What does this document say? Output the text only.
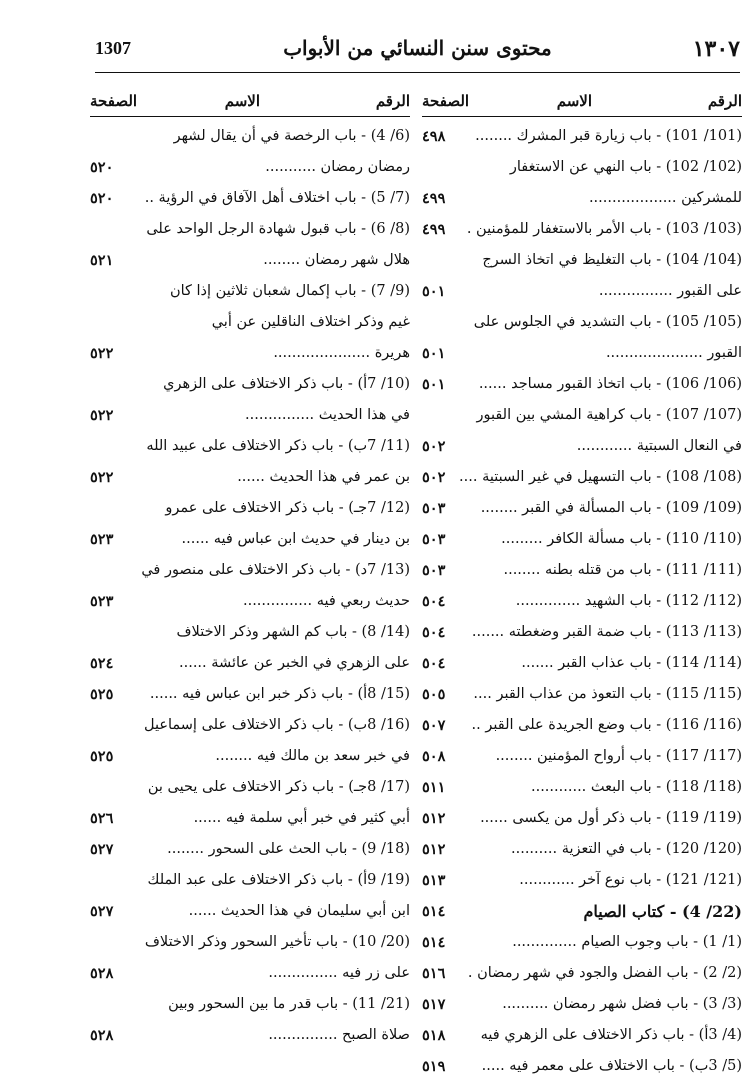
١٣٠٧
محتوى سنن النسائي من الأبواب
1307
الرقم
الاسم
الصفحة
(101/ 101) - باب زيارة قبر المشرك ........
٤٩٨
(102/ 102) - باب النهي عن الاستغفار
للمشركين ...................
٤٩٩
(103/ 103) - باب الأمر بالاستغفار للمؤمنين .
٤٩٩
(104/ 104) - باب التغليظ في اتخاذ السرج
على القبور ................
٥٠١
(105/ 105) - باب التشديد في الجلوس على
القبور .....................
٥٠١
(106/ 106) - باب اتخاذ القبور مساجد ......
٥٠١
(107/ 107) - باب كراهية المشي بين القبور
في النعال السبتية ............
٥٠٢
(108/ 108) - باب التسهيل في غير السبتية ....
٥٠٢
(109/ 109) - باب المسألة في القبر ........
٥٠٣
(110/ 110) - باب مسألة الكافر .........
٥٠٣
(111/ 111) - باب من قتله بطنه ........
٥٠٣
(112/ 112) - باب الشهيد ..............
٥٠٤
(113/ 113) - باب ضمة القبر وضغطته .......
٥٠٤
(114/ 114) - باب عذاب القبر .......
٥٠٤
(115/ 115) - باب التعوذ من عذاب القبر ....
٥٠٥
(116/ 116) - باب وضع الجريدة على القبر ..
٥٠٧
(117/ 117) - باب أرواح المؤمنين ........
٥٠٨
(118/ 118) - باب البعث ............
٥١١
(119/ 119) - باب ذكر أول من يكسى ......
٥١٢
(120/ 120) - باب في التعزية ..........
٥١٢
(121/ 121) - باب نوع آخر ............
٥١٣
(22/ 4) - كتاب الصيام
٥١٤
(1/ 1) - باب وجوب الصيام ..............
٥١٤
(2/ 2) - باب الفضل والجود في شهر رمضان .
٥١٦
(3/ 3) - باب فضل شهر رمضان ..........
٥١٧
(4/ 3أ) - باب ذكر الاختلاف على الزهري فيه
٥١٨
(5/ 3ب) - باب الاختلاف على معمر فيه .....
٥١٩
الرقم
الاسم
الصفحة
(6/ 4) - باب الرخصة في أن يقال لشهر
رمضان رمضان ...........
٥٢٠
(7/ 5) - باب اختلاف أهل الآفاق في الرؤية ..
٥٢٠
(8/ 6) - باب قبول شهادة الرجل الواحد على
هلال شهر رمضان ........
٥٢١
(9/ 7) - باب إكمال شعبان ثلاثين إذا كان
غيم وذكر اختلاف الناقلين عن أبي
هريرة .....................
٥٢٢
(10/ 7أ) - باب ذكر الاختلاف على الزهري
في هذا الحديث ...............
٥٢٢
(11/ 7ب) - باب ذكر الاختلاف على عبيد الله
بن عمر في هذا الحديث ......
٥٢٢
(12/ 7جـ) - باب ذكر الاختلاف على عمرو
بن دينار في حديث ابن عباس فيه ......
٥٢٣
(13/ 7د) - باب ذكر الاختلاف على منصور في
حديث ربعي فيه ...............
٥٢٣
(14/ 8) - باب كم الشهر وذكر الاختلاف
على الزهري في الخبر عن عائشة ......
٥٢٤
(15/ 8أ) - باب ذكر خبر ابن عباس فيه ......
٥٢٥
(16/ 8ب) - باب ذكر الاختلاف على إسماعيل
في خبر سعد بن مالك فيه ........
٥٢٥
(17/ 8جـ) - باب ذكر الاختلاف على يحيى بن
أبي كثير في خبر أبي سلمة فيه ......
٥٢٦
(18/ 9) - باب الحث على السحور ........
٥٢٧
(19/ 9أ) - باب ذكر الاختلاف على عبد الملك
ابن أبي سليمان في هذا الحديث ......
٥٢٧
(20/ 10) - باب تأخير السحور وذكر الاختلاف
على زر فيه ...............
٥٢٨
(21/ 11) - باب قدر ما بين السحور وبين
صلاة الصبح ...............
٥٢٨
